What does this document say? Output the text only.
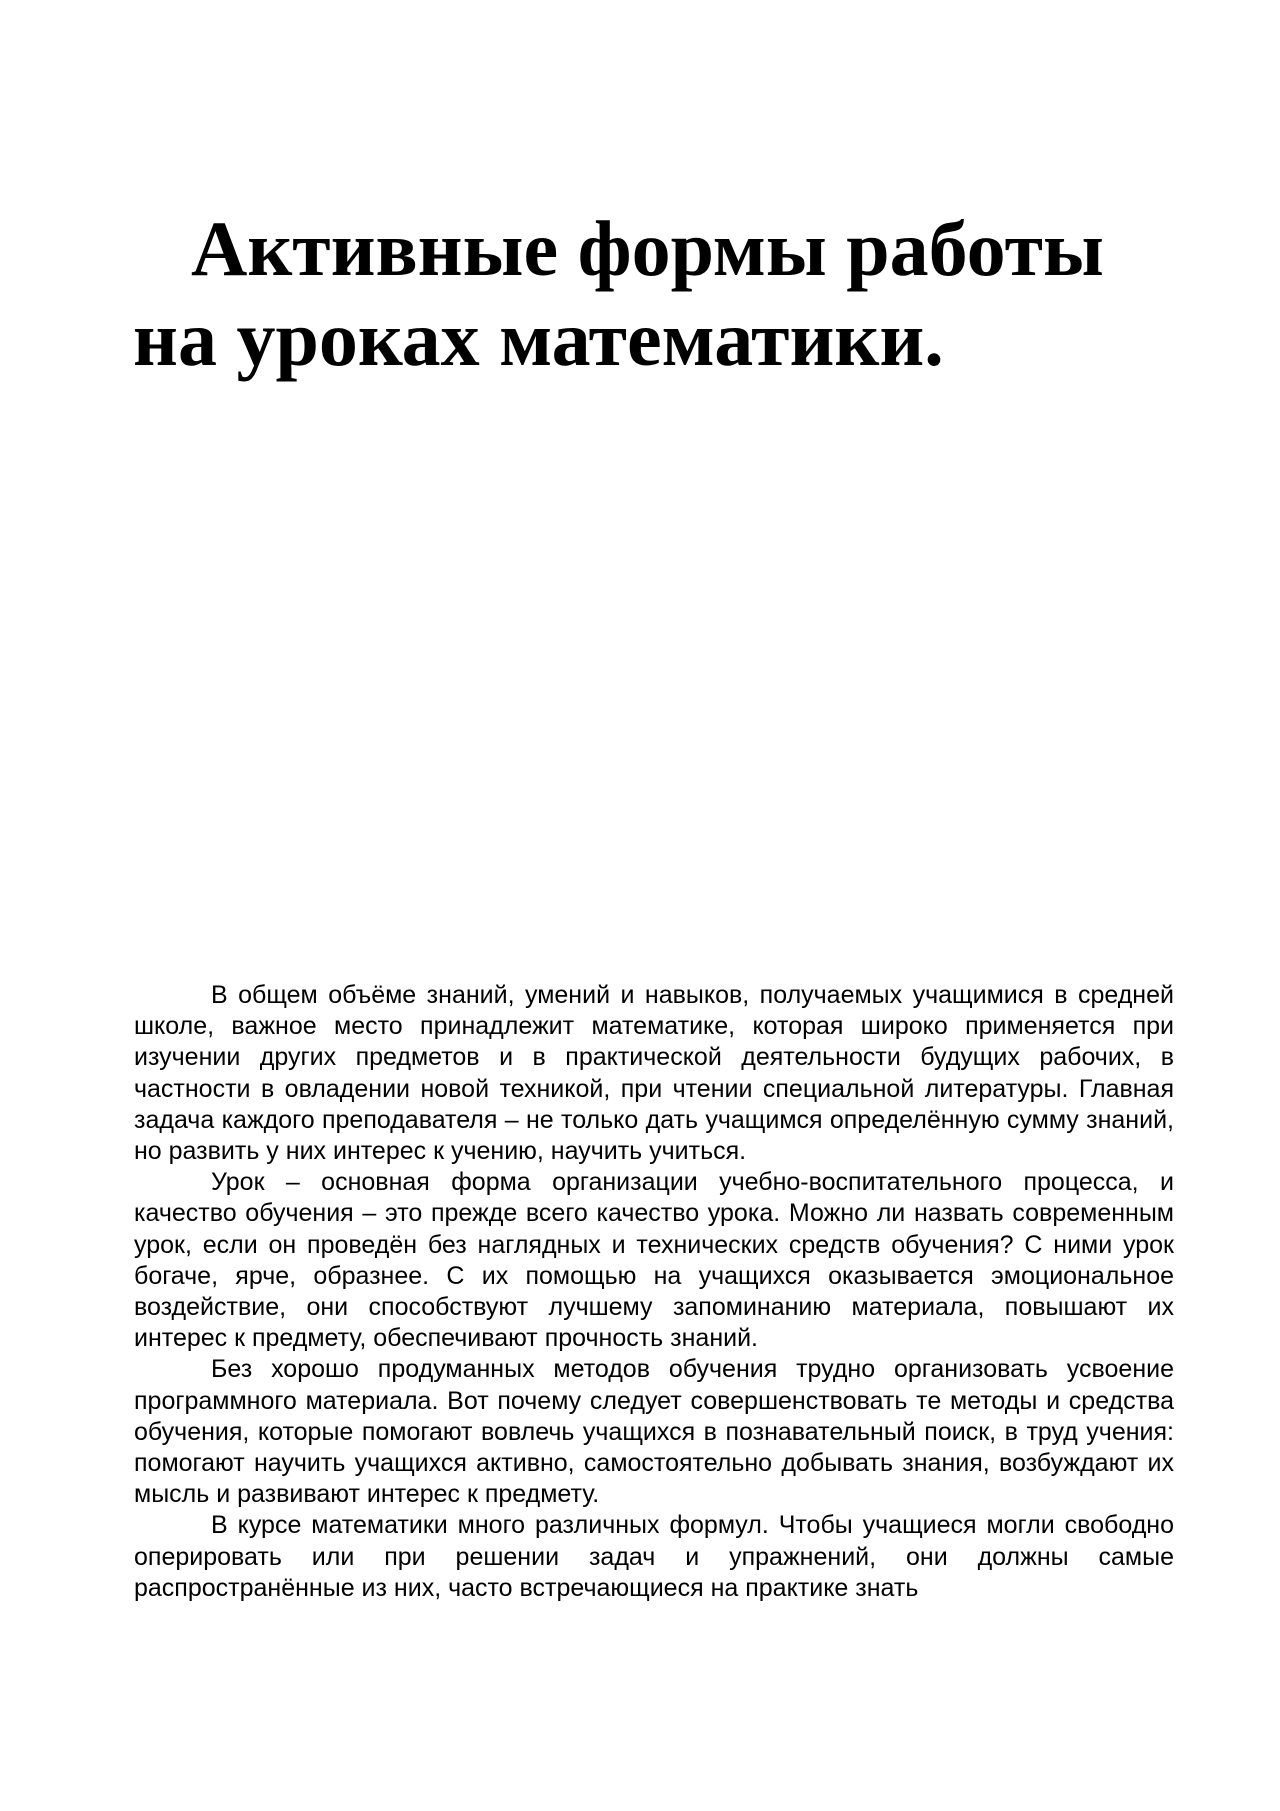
Активные формы работы на уроках математики.

В общем объёме знаний, умений и навыков, получаемых учащимися в средней школе, важное место принадлежит математике, которая широко применяется при изучении других предметов и в практической деятельности будущих рабочих, в частности в овладении новой техникой, при чтении специальной литературы. Главная задача каждого преподавателя – не только дать учащимся определённую сумму знаний, но развить у них интерес к учению, научить учиться.

Урок – основная форма организации учебно-воспитательного процесса, и качество обучения – это прежде всего качество урока. Можно ли назвать современным урок, если он проведён без наглядных и технических средств обучения? С ними урок богаче, ярче, образнее. С их помощью на учащихся оказывается эмоциональное воздействие, они способствуют лучшему запоминанию материала, повышают их интерес к предмету, обеспечивают прочность знаний.

Без хорошо продуманных методов обучения трудно организовать усвоение программного материала. Вот почему следует совершенствовать те методы и средства обучения, которые помогают вовлечь учащихся в познавательный поиск, в труд учения: помогают научить учащихся активно, самостоятельно добывать знания, возбуждают их мысль и развивают интерес к предмету.

В курсе математики много различных формул. Чтобы учащиеся могли свободно оперировать или при решении задач и упражнений, они должны самые распространённые из них, часто встречающиеся на практике знать
